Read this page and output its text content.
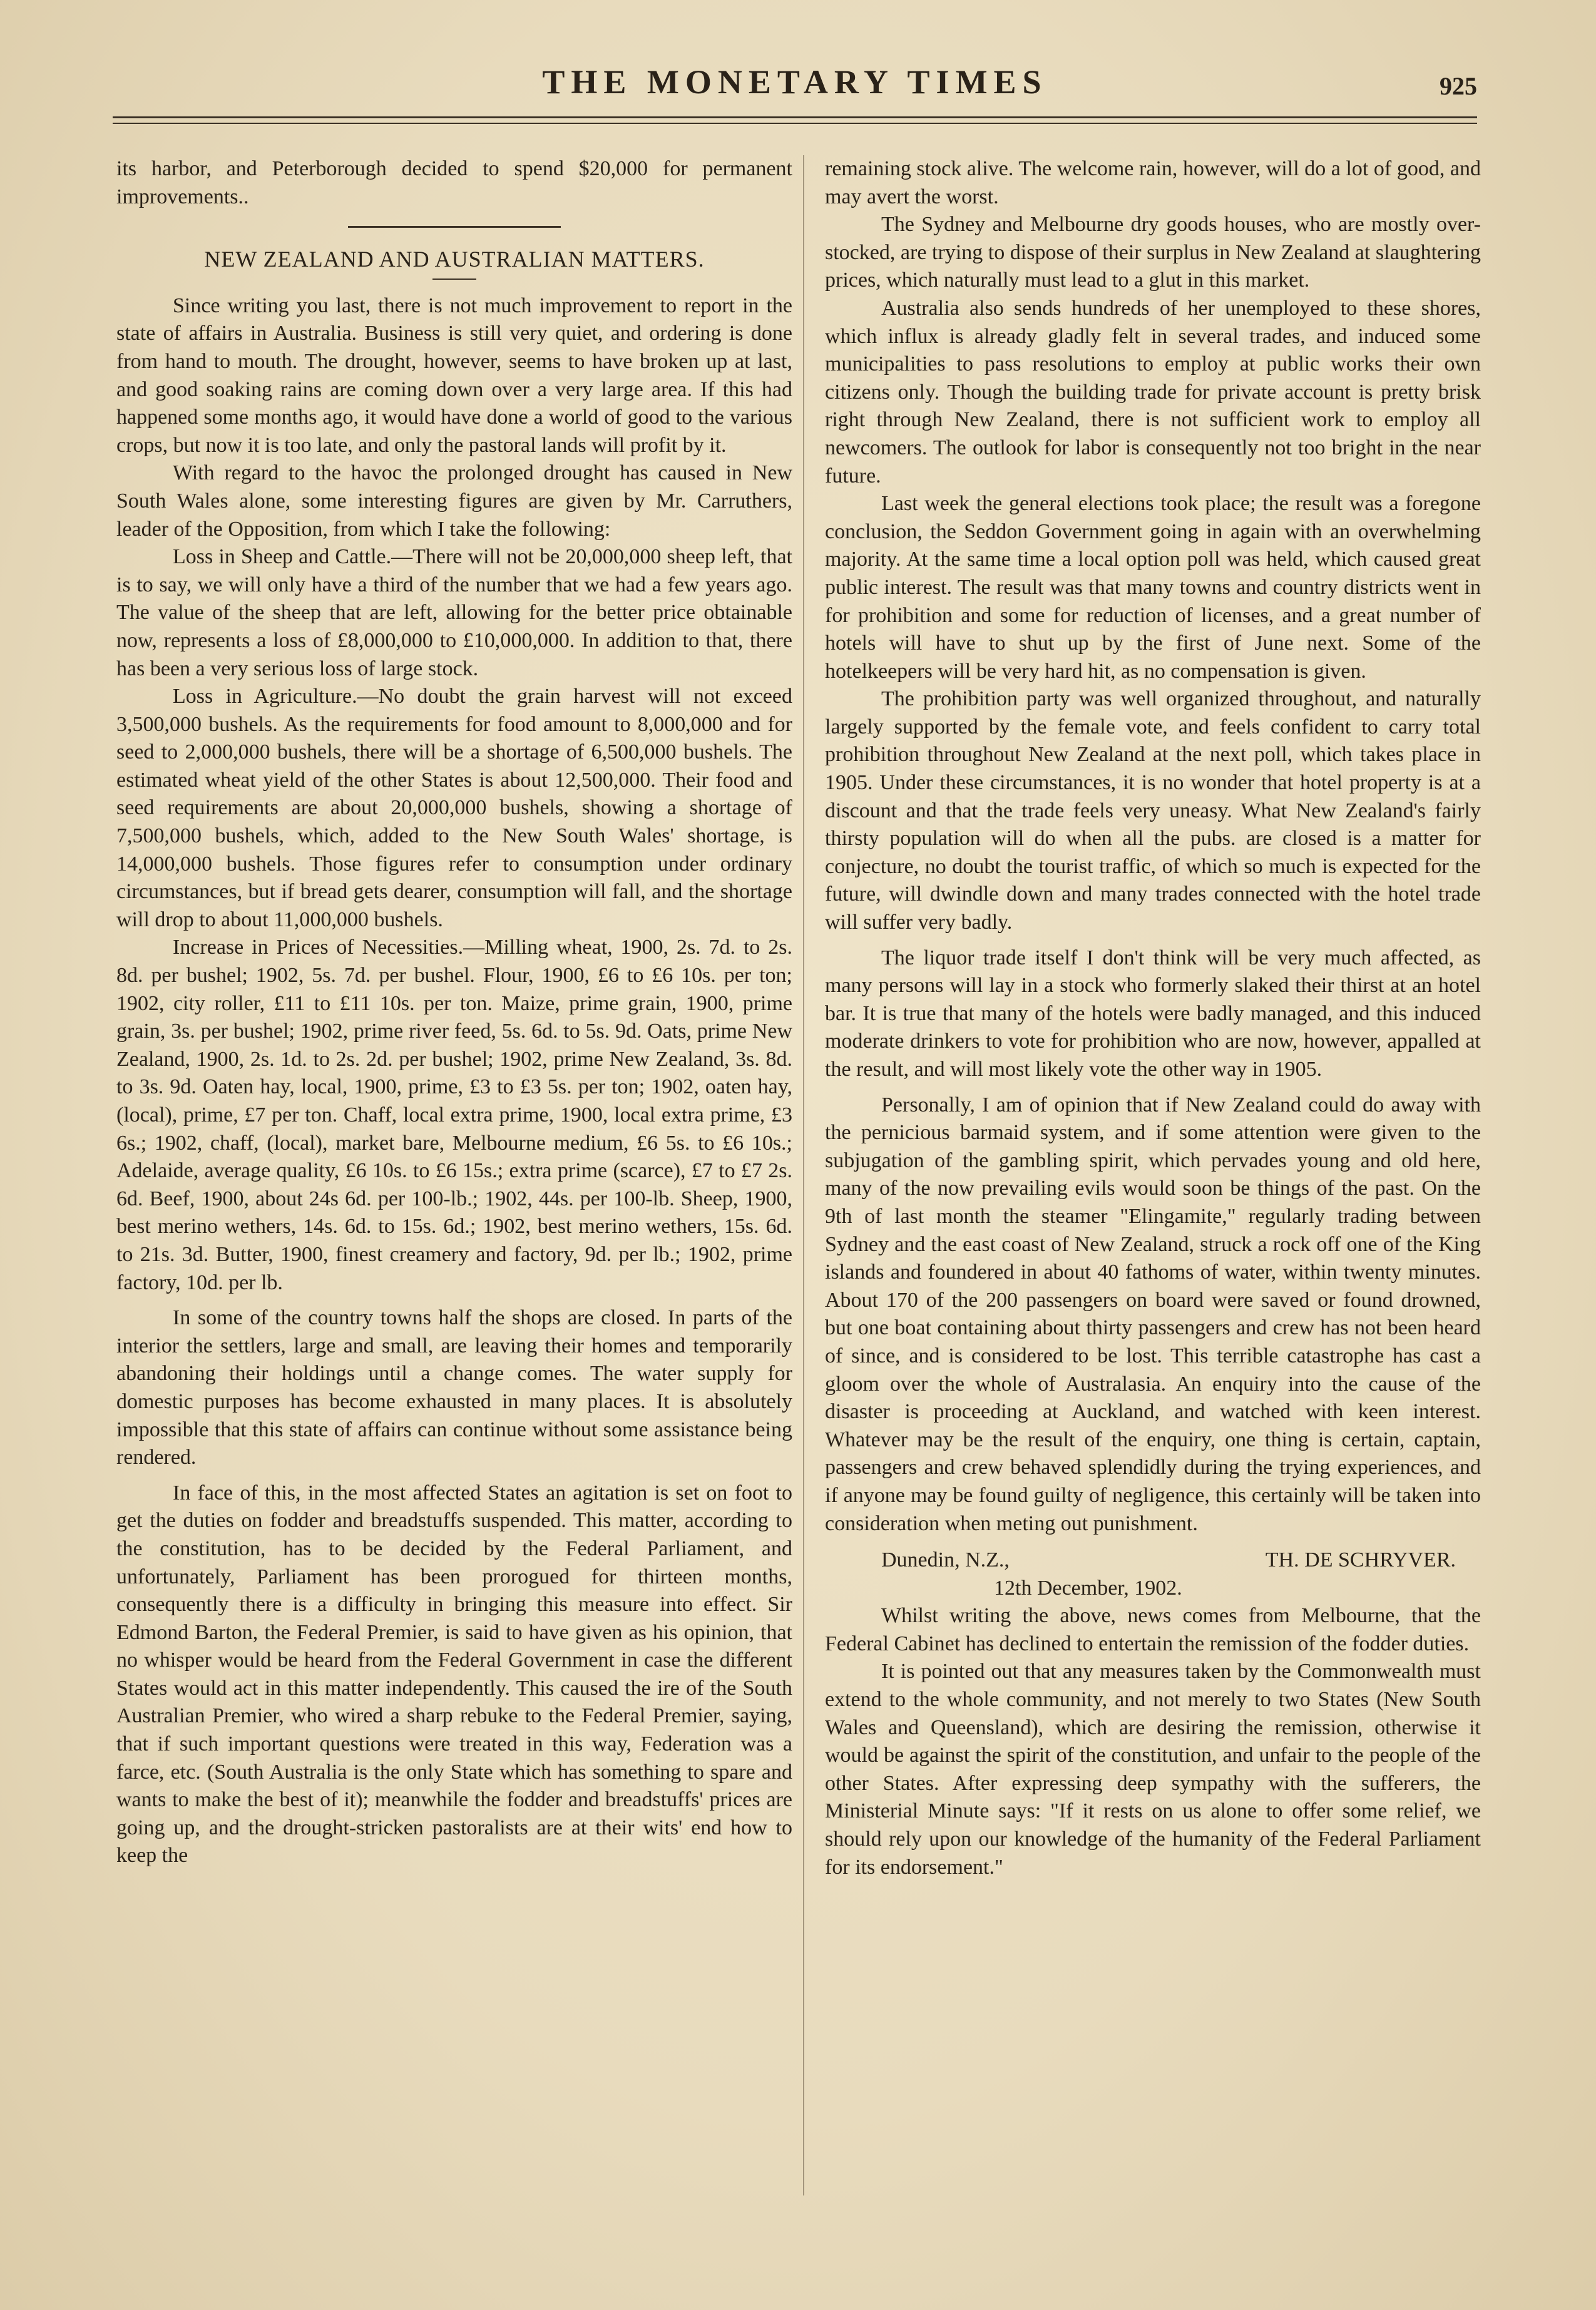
THE MONETARY TIMES	925

its harbor, and Peterborough decided to spend $20,000 for permanent improvements..

NEW ZEALAND AND AUSTRALIAN MATTERS.

Since writing you last, there is not much improvement to report in the state of affairs in Australia. Business is still very quiet, and ordering is done from hand to mouth. The drought, however, seems to have broken up at last, and good soaking rains are coming down over a very large area. If this had happened some months ago, it would have done a world of good to the various crops, but now it is too late, and only the pastoral lands will profit by it.

With regard to the havoc the prolonged drought has caused in New South Wales alone, some interesting figures are given by Mr. Carruthers, leader of the Opposition, from which I take the following:

Loss in Sheep and Cattle.—There will not be 20,000,000 sheep left, that is to say, we will only have a third of the number that we had a few years ago. The value of the sheep that are left, allowing for the better price obtainable now, represents a loss of £8,000,000 to £10,000,000. In addition to that, there has been a very serious loss of large stock.

Loss in Agriculture.—No doubt the grain harvest will not exceed 3,500,000 bushels. As the requirements for food amount to 8,000,000 and for seed to 2,000,000 bushels, there will be a shortage of 6,500,000 bushels. The estimated wheat yield of the other States is about 12,500,000. Their food and seed requirements are about 20,000,000 bushels, showing a shortage of 7,500,000 bushels, which, added to the New South Wales' shortage, is 14,000,000 bushels. Those figures refer to consumption under ordinary circumstances, but if bread gets dearer, consumption will fall, and the shortage will drop to about 11,000,000 bushels.

Increase in Prices of Necessities.—Milling wheat, 1900, 2s. 7d. to 2s. 8d. per bushel; 1902, 5s. 7d. per bushel. Flour, 1900, £6 to £6 10s. per ton; 1902, city roller, £11 to £11 10s. per ton. Maize, prime grain, 1900, prime grain, 3s. per bushel; 1902, prime river feed, 5s. 6d. to 5s. 9d. Oats, prime New Zealand, 1900, 2s. 1d. to 2s. 2d. per bushel; 1902, prime New Zealand, 3s. 8d. to 3s. 9d. Oaten hay, local, 1900, prime, £3 to £3 5s. per ton; 1902, oaten hay, (local), prime, £7 per ton. Chaff, local extra prime, 1900, local extra prime, £3 6s.; 1902, chaff, (local), market bare, Melbourne medium, £6 5s. to £6 10s.; Adelaide, average quality, £6 10s. to £6 15s.; extra prime (scarce), £7 to £7 2s. 6d. Beef, 1900, about 24s 6d. per 100-lb.; 1902, 44s. per 100-lb. Sheep, 1900, best merino wethers, 14s. 6d. to 15s. 6d.; 1902, best merino wethers, 15s. 6d. to 21s. 3d. Butter, 1900, finest creamery and factory, 9d. per lb.; 1902, prime factory, 10d. per lb.

In some of the country towns half the shops are closed. In parts of the interior the settlers, large and small, are leaving their homes and temporarily abandoning their holdings until a change comes. The water supply for domestic purposes has become exhausted in many places. It is absolutely impossible that this state of affairs can continue without some assistance being rendered.

In face of this, in the most affected States an agitation is set on foot to get the duties on fodder and breadstuffs suspended. This matter, according to the constitution, has to be decided by the Federal Parliament, and unfortunately, Parliament has been prorogued for thirteen months, consequently there is a difficulty in bringing this measure into effect. Sir Edmond Barton, the Federal Premier, is said to have given as his opinion, that no whisper would be heard from the Federal Government in case the different States would act in this matter independently. This caused the ire of the South Australian Premier, who wired a sharp rebuke to the Federal Premier, saying, that if such important questions were treated in this way, Federation was a farce, etc. (South Australia is the only State which has something to spare and wants to make the best of it); meanwhile the fodder and breadstuffs' prices are going up, and the drought-stricken pastoralists are at their wits' end how to keep the

remaining stock alive. The welcome rain, however, will do a lot of good, and may avert the worst.

The Sydney and Melbourne dry goods houses, who are mostly over-stocked, are trying to dispose of their surplus in New Zealand at slaughtering prices, which naturally must lead to a glut in this market.

Australia also sends hundreds of her unemployed to these shores, which influx is already gladly felt in several trades, and induced some municipalities to pass resolutions to employ at public works their own citizens only. Though the building trade for private account is pretty brisk right through New Zealand, there is not sufficient work to employ all newcomers. The outlook for labor is consequently not too bright in the near future.

Last week the general elections took place; the result was a foregone conclusion, the Seddon Government going in again with an overwhelming majority. At the same time a local option poll was held, which caused great public interest. The result was that many towns and country districts went in for prohibition and some for reduction of licenses, and a great number of hotels will have to shut up by the first of June next. Some of the hotelkeepers will be very hard hit, as no compensation is given.

The prohibition party was well organized throughout, and naturally largely supported by the female vote, and feels confident to carry total prohibition throughout New Zealand at the next poll, which takes place in 1905. Under these circumstances, it is no wonder that hotel property is at a discount and that the trade feels very uneasy. What New Zealand's fairly thirsty population will do when all the pubs. are closed is a matter for conjecture, no doubt the tourist traffic, of which so much is expected for the future, will dwindle down and many trades connected with the hotel trade will suffer very badly.

The liquor trade itself I don't think will be very much affected, as many persons will lay in a stock who formerly slaked their thirst at an hotel bar. It is true that many of the hotels were badly managed, and this induced moderate drinkers to vote for prohibition who are now, however, appalled at the result, and will most likely vote the other way in 1905.

Personally, I am of opinion that if New Zealand could do away with the pernicious barmaid system, and if some attention were given to the subjugation of the gambling spirit, which pervades young and old here, many of the now prevailing evils would soon be things of the past. On the 9th of last month the steamer "Elingamite," regularly trading between Sydney and the east coast of New Zealand, struck a rock off one of the King islands and foundered in about 40 fathoms of water, within twenty minutes. About 170 of the 200 passengers on board were saved or found drowned, but one boat containing about thirty passengers and crew has not been heard of since, and is considered to be lost. This terrible catastrophe has cast a gloom over the whole of Australasia. An enquiry into the cause of the disaster is proceeding at Auckland, and watched with keen interest. Whatever may be the result of the enquiry, one thing is certain, captain, passengers and crew behaved splendidly during the trying experiences, and if anyone may be found guilty of negligence, this certainly will be taken into consideration when meting out punishment.

Dunedin, N.Z.,	TH. DE SCHRYVER.

12th December, 1902.

Whilst writing the above, news comes from Melbourne, that the Federal Cabinet has declined to entertain the remission of the fodder duties.

It is pointed out that any measures taken by the Commonwealth must extend to the whole community, and not merely to two States (New South Wales and Queensland), which are desiring the remission, otherwise it would be against the spirit of the constitution, and unfair to the people of the other States. After expressing deep sympathy with the sufferers, the Ministerial Minute says: "If it rests on us alone to offer some relief, we should rely upon our knowledge of the humanity of the Federal Parliament for its endorsement."
